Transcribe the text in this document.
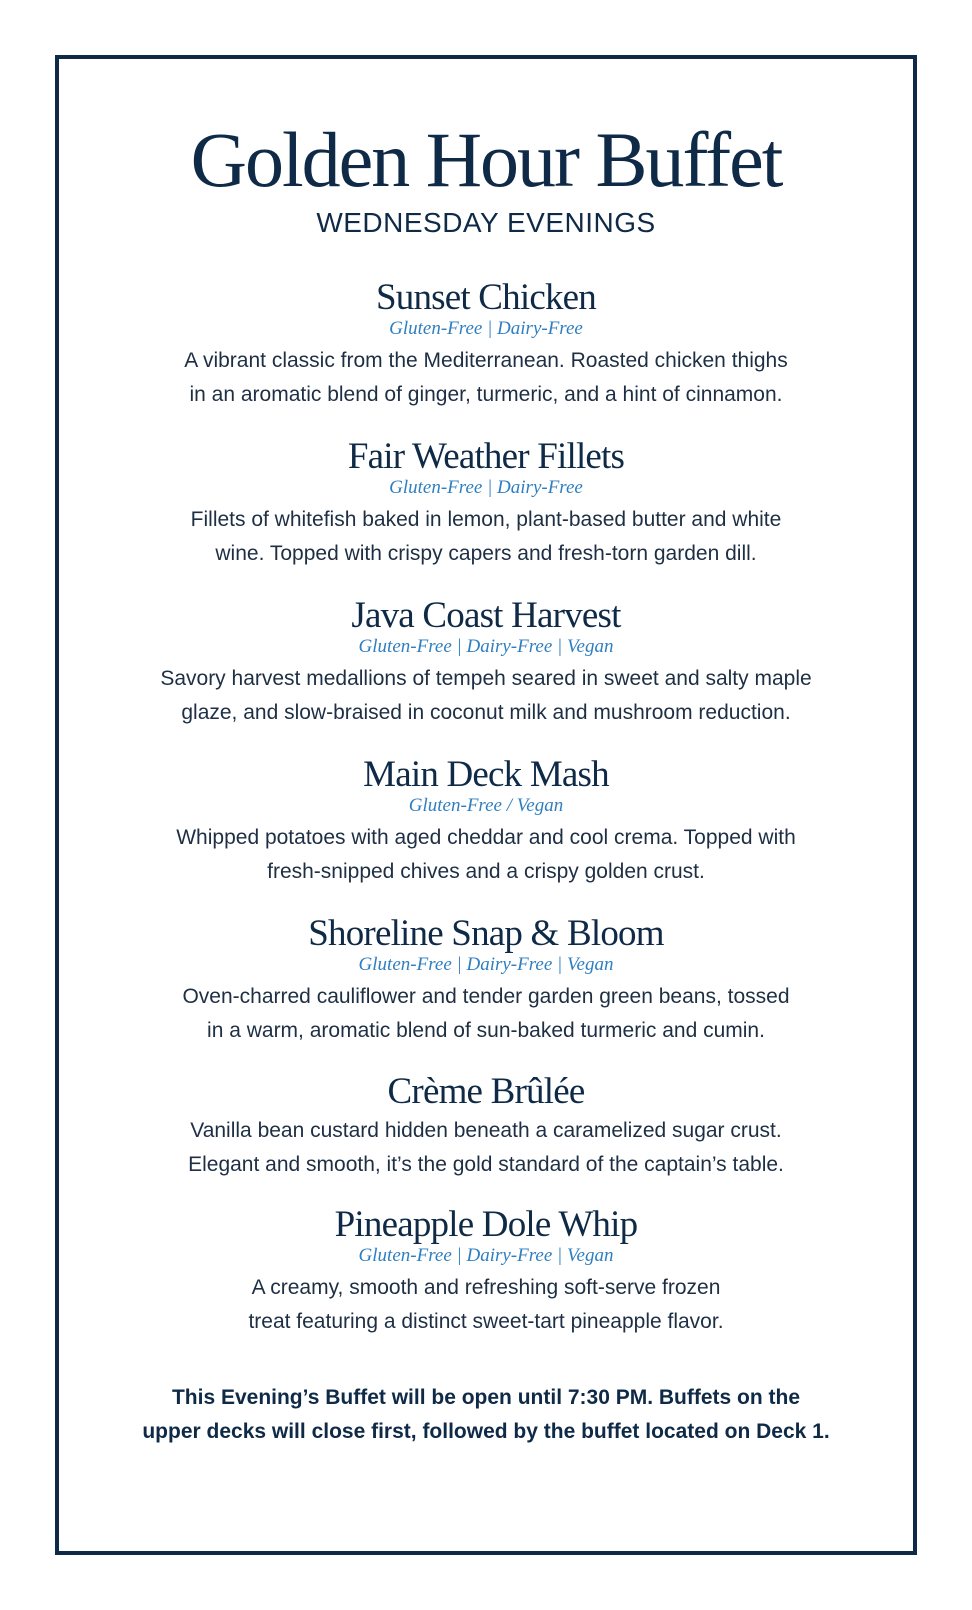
Golden Hour Buffet
WEDNESDAY EVENINGS
Sunset Chicken
Gluten-Free | Dairy-Free
A vibrant classic from the Mediterranean. Roasted chicken thighs
in an aromatic blend of ginger, turmeric, and a hint of cinnamon.
Fair Weather Fillets
Gluten-Free | Dairy-Free
Fillets of whitefish baked in lemon, plant-based butter and white
wine. Topped with crispy capers and fresh-torn garden dill.
Java Coast Harvest
Gluten-Free | Dairy-Free | Vegan
Savory harvest medallions of tempeh seared in sweet and salty maple
glaze, and slow-braised in coconut milk and mushroom reduction.
Main Deck Mash
Gluten-Free / Vegan
Whipped potatoes with aged cheddar and cool crema. Topped with
fresh-snipped chives and a crispy golden crust.
Shoreline Snap & Bloom
Gluten-Free | Dairy-Free | Vegan
Oven-charred cauliflower and tender garden green beans, tossed
in a warm, aromatic blend of sun-baked turmeric and cumin.
Crème Brûlée
Vanilla bean custard hidden beneath a caramelized sugar crust.
Elegant and smooth, it’s the gold standard of the captain’s table.
Pineapple Dole Whip
Gluten-Free | Dairy-Free | Vegan
A creamy, smooth and refreshing soft-serve frozen
treat featuring a distinct sweet-tart pineapple flavor.
This Evening’s Buffet will be open until 7:30 PM. Buffets on the
upper decks will close first, followed by the buffet located on Deck 1.
